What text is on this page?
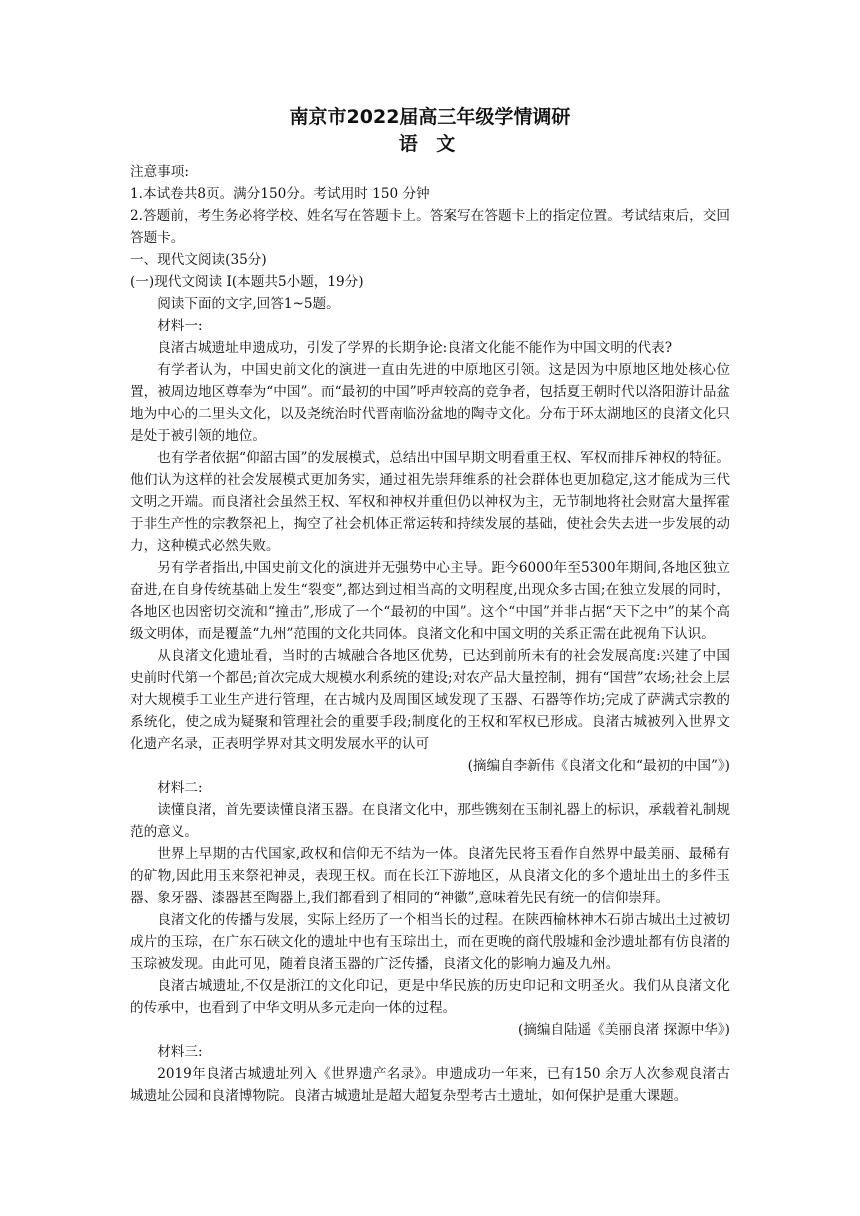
南京市2022届高三年级学情调研
语 文

注意事项:

1.本试卷共8页。满分150分。考试用时 150 分钟

2.答题前，考生务必将学校、姓名写在答题卡上。答案写在答题卡上的指定位置。考试结束后，交回答题卡。

一、现代文阅读(35分)

(一)现代文阅读 I(本题共5小题，19分)

阅读下面的文字,回答1~5题。

材料一:

良渚古城遗址申遗成功，引发了学界的长期争论:良渚文化能不能作为中国文明的代表?

有学者认为，中国史前文化的演进一直由先进的中原地区引领。这是因为中原地区地处核心位置，被周边地区尊奉为“中国”。而“最初的中国”呼声较高的竞争者，包括夏王朝时代以洛阳游计品盆地为中心的二里头文化，以及尧统治时代晋南临汾盆地的陶寺文化。分布于环太湖地区的良渚文化只是处于被引领的地位。

也有学者依据“仰韶古国”的发展模式，总结出中国早期文明看重王权、军权而排斥神权的特征。他们认为这样的社会发展模式更加务实，通过祖先崇拜维系的社会群体也更加稳定,这才能成为三代文明之开端。而良渚社会虽然王权、军权和神权并重但仍以神权为主，无节制地将社会财富大量挥霍于非生产性的宗教祭祀上，掏空了社会机体正常运转和持续发展的基础，使社会失去进一步发展的动力，这种模式必然失败。

另有学者指出,中国史前文化的演进并无强势中心主导。距今6000年至5300年期间,各地区独立奋进,在自身传统基础上发生“裂变”,都达到过相当高的文明程度,出现众多古国;在独立发展的同时，各地区也因密切交流和“撞击”,形成了一个“最初的中国”。这个“中国”并非占据“天下之中”的某个高级文明体，而是覆盖“九州”范围的文化共同体。良渚文化和中国文明的关系正需在此视角下认识。

从良渚文化遗址看，当时的古城融合各地区优势，已达到前所未有的社会发展高度:兴建了中国史前时代第一个都邑;首次完成大规模水利系统的建设;对农产品大量控制，拥有“国营”农场;社会上层对大规模手工业生产进行管理，在古城内及周围区域发现了玉器、石器等作坊;完成了萨满式宗教的系统化，使之成为疑聚和管理社会的重要手段;制度化的王权和军权已形成。良渚古城被列入世界文化遗产名录，正表明学界对其文明发展水平的认可

(摘编自李新伟《良渚文化和“最初的中国”》)

材料二:

读懂良渚，首先要读懂良渚玉器。在良渚文化中，那些镌刻在玉制礼器上的标识，承载着礼制规范的意义。

世界上早期的古代国家,政权和信仰无不结为一体。良渚先民将玉看作自然界中最美丽、最稀有的矿物,因此用玉来祭祀神灵，表现王权。而在长江下游地区，从良渚文化的多个遗址出土的多件玉器、象牙器、漆器甚至陶器上,我们都看到了相同的“神徽”,意味着先民有统一的信仰崇拜。

良渚文化的传播与发展，实际上经历了一个相当长的过程。在陕西榆林神木石峁古城出土过被切成片的玉琮，在广东石硖文化的遗址中也有玉琮出土，而在更晚的商代殷墟和金沙遗址都有仿良渚的玉琮被发现。由此可见，随着良渚玉器的广泛传播，良渚文化的影响力遍及九州。

良渚古城遗址,不仅是浙江的文化印记，更是中华民族的历史印记和文明圣火。我们从良渚文化的传承中，也看到了中华文明从多元走向一体的过程。

(摘编自陆遥《美丽良渚 探源中华》)

材料三:

2019年良渚古城遗址列入《世界遗产名录》。申遗成功一年来，已有150 余万人次参观良渚古城遗址公园和良渚博物院。良渚古城遗址是超大超复杂型考古土遗址，如何保护是重大课题。
